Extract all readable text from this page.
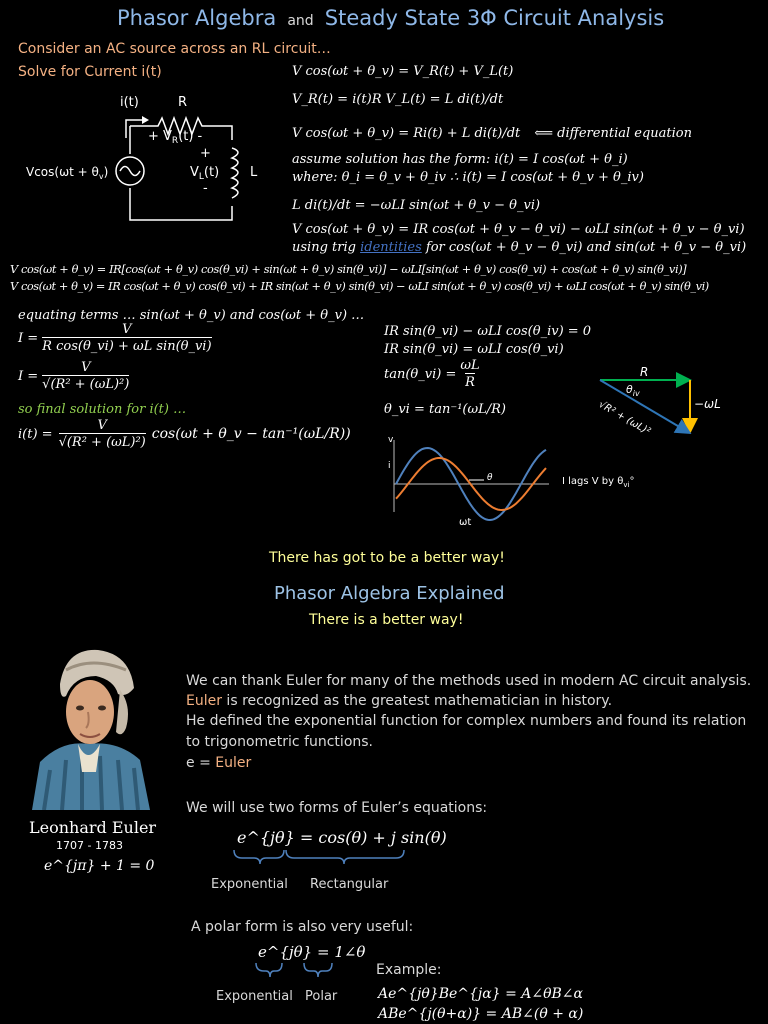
Phasor Algebra and Steady State 3Φ Circuit Analysis
Consider an AC source across an RL circuit…
Solve for Current i(t)
i(t)	R
+ $V_R(t)$ -
+
$V_L(t)$
-
L
$Vcos(\omega t + \theta_v)$
V cos(ωt + θ_v) = V_R(t) + V_L(t)
V_R(t) = i(t)R V_L(t) = L di(t)/dt
V cos(ωt + θ_v) = Ri(t) + L di(t)/dt ⟸ differential equation
assume solution has the form: i(t) = I cos(ωt + θ_i)
where: θ_i = θ_v + θ_iv ∴ i(t) = I cos(ωt + θ_v + θ_iv)
L di(t)/dt = −ωLI sin(ωt + θ_v − θ_vi)
V cos(ωt + θ_v) = IR cos(ωt + θ_v − θ_vi) − ωLI sin(ωt + θ_v − θ_vi)
using trig identities for cos(ωt + θ_v − θ_vi) and sin(ωt + θ_v − θ_vi)
V cos(ωt + θ_v) = IR[cos(ωt + θ_v) cos(θ_vi) + sin(ωt + θ_v) sin(θ_vi)] − ωLI[sin(ωt + θ_v) cos(θ_vi) + cos(ωt + θ_v) sin(θ_vi)]
V cos(ωt + θ_v) = IR cos(ωt + θ_v) cos(θ_vi) + IR sin(ωt + θ_v) sin(θ_vi) − ωLI sin(ωt + θ_v) cos(θ_vi) + ωLI cos(ωt + θ_v) sin(θ_vi)
equating terms … sin(ωt + θ_v) and cos(ωt + θ_v) …
$I = \frac{V}{\text{R cos(θ\_vi) + ωL sin(θ\_vi)}}$
$I = \frac{V}{\text{√(R² + (ωL)²)}}$
so final solution for i(t) …
$i(t) = \frac{V}{\text{√(R² + (ωL)²)}} \cos(\omega t$ + θ_v − tan⁻¹(ωL/R))
IR sin(θ_vi) − ωLI cos(θ_iv) = 0
IR sin(θ_vi) = ωLI cos(θ_vi)
tan(θ_vi) = $\frac{\omega L}{R}$
θ_vi = tan⁻¹(ωL/R)
R
$\theta_{iv}$
−ωL
√R² + (ωL)²
v
i
θ
ωt
I lags V by $\theta_{vi}^\circ$
There has got to be a better way!
Phasor Algebra Explained
There is a better way!
Leonhard Euler
1707 - 1783
e^{jπ} + 1 = 0
We can thank Euler for many of the methods used in modern AC circuit analysis.
Euler is recognized as the greatest mathematician in history.
He defined the exponential function for complex numbers and found its relation
to trigonometric functions.
e = Euler
We will use two forms of Euler’s equations:
e^{jθ} = cos(θ) + j sin(θ)
Exponential Rectangular
A polar form is also very useful:
e^{jθ} = 1∠θ
Exponential Polar
Example:
Ae^{jθ}Be^{jα} = A∠θB∠α
ABe^{j(θ+α)} = AB∠(θ + α)
